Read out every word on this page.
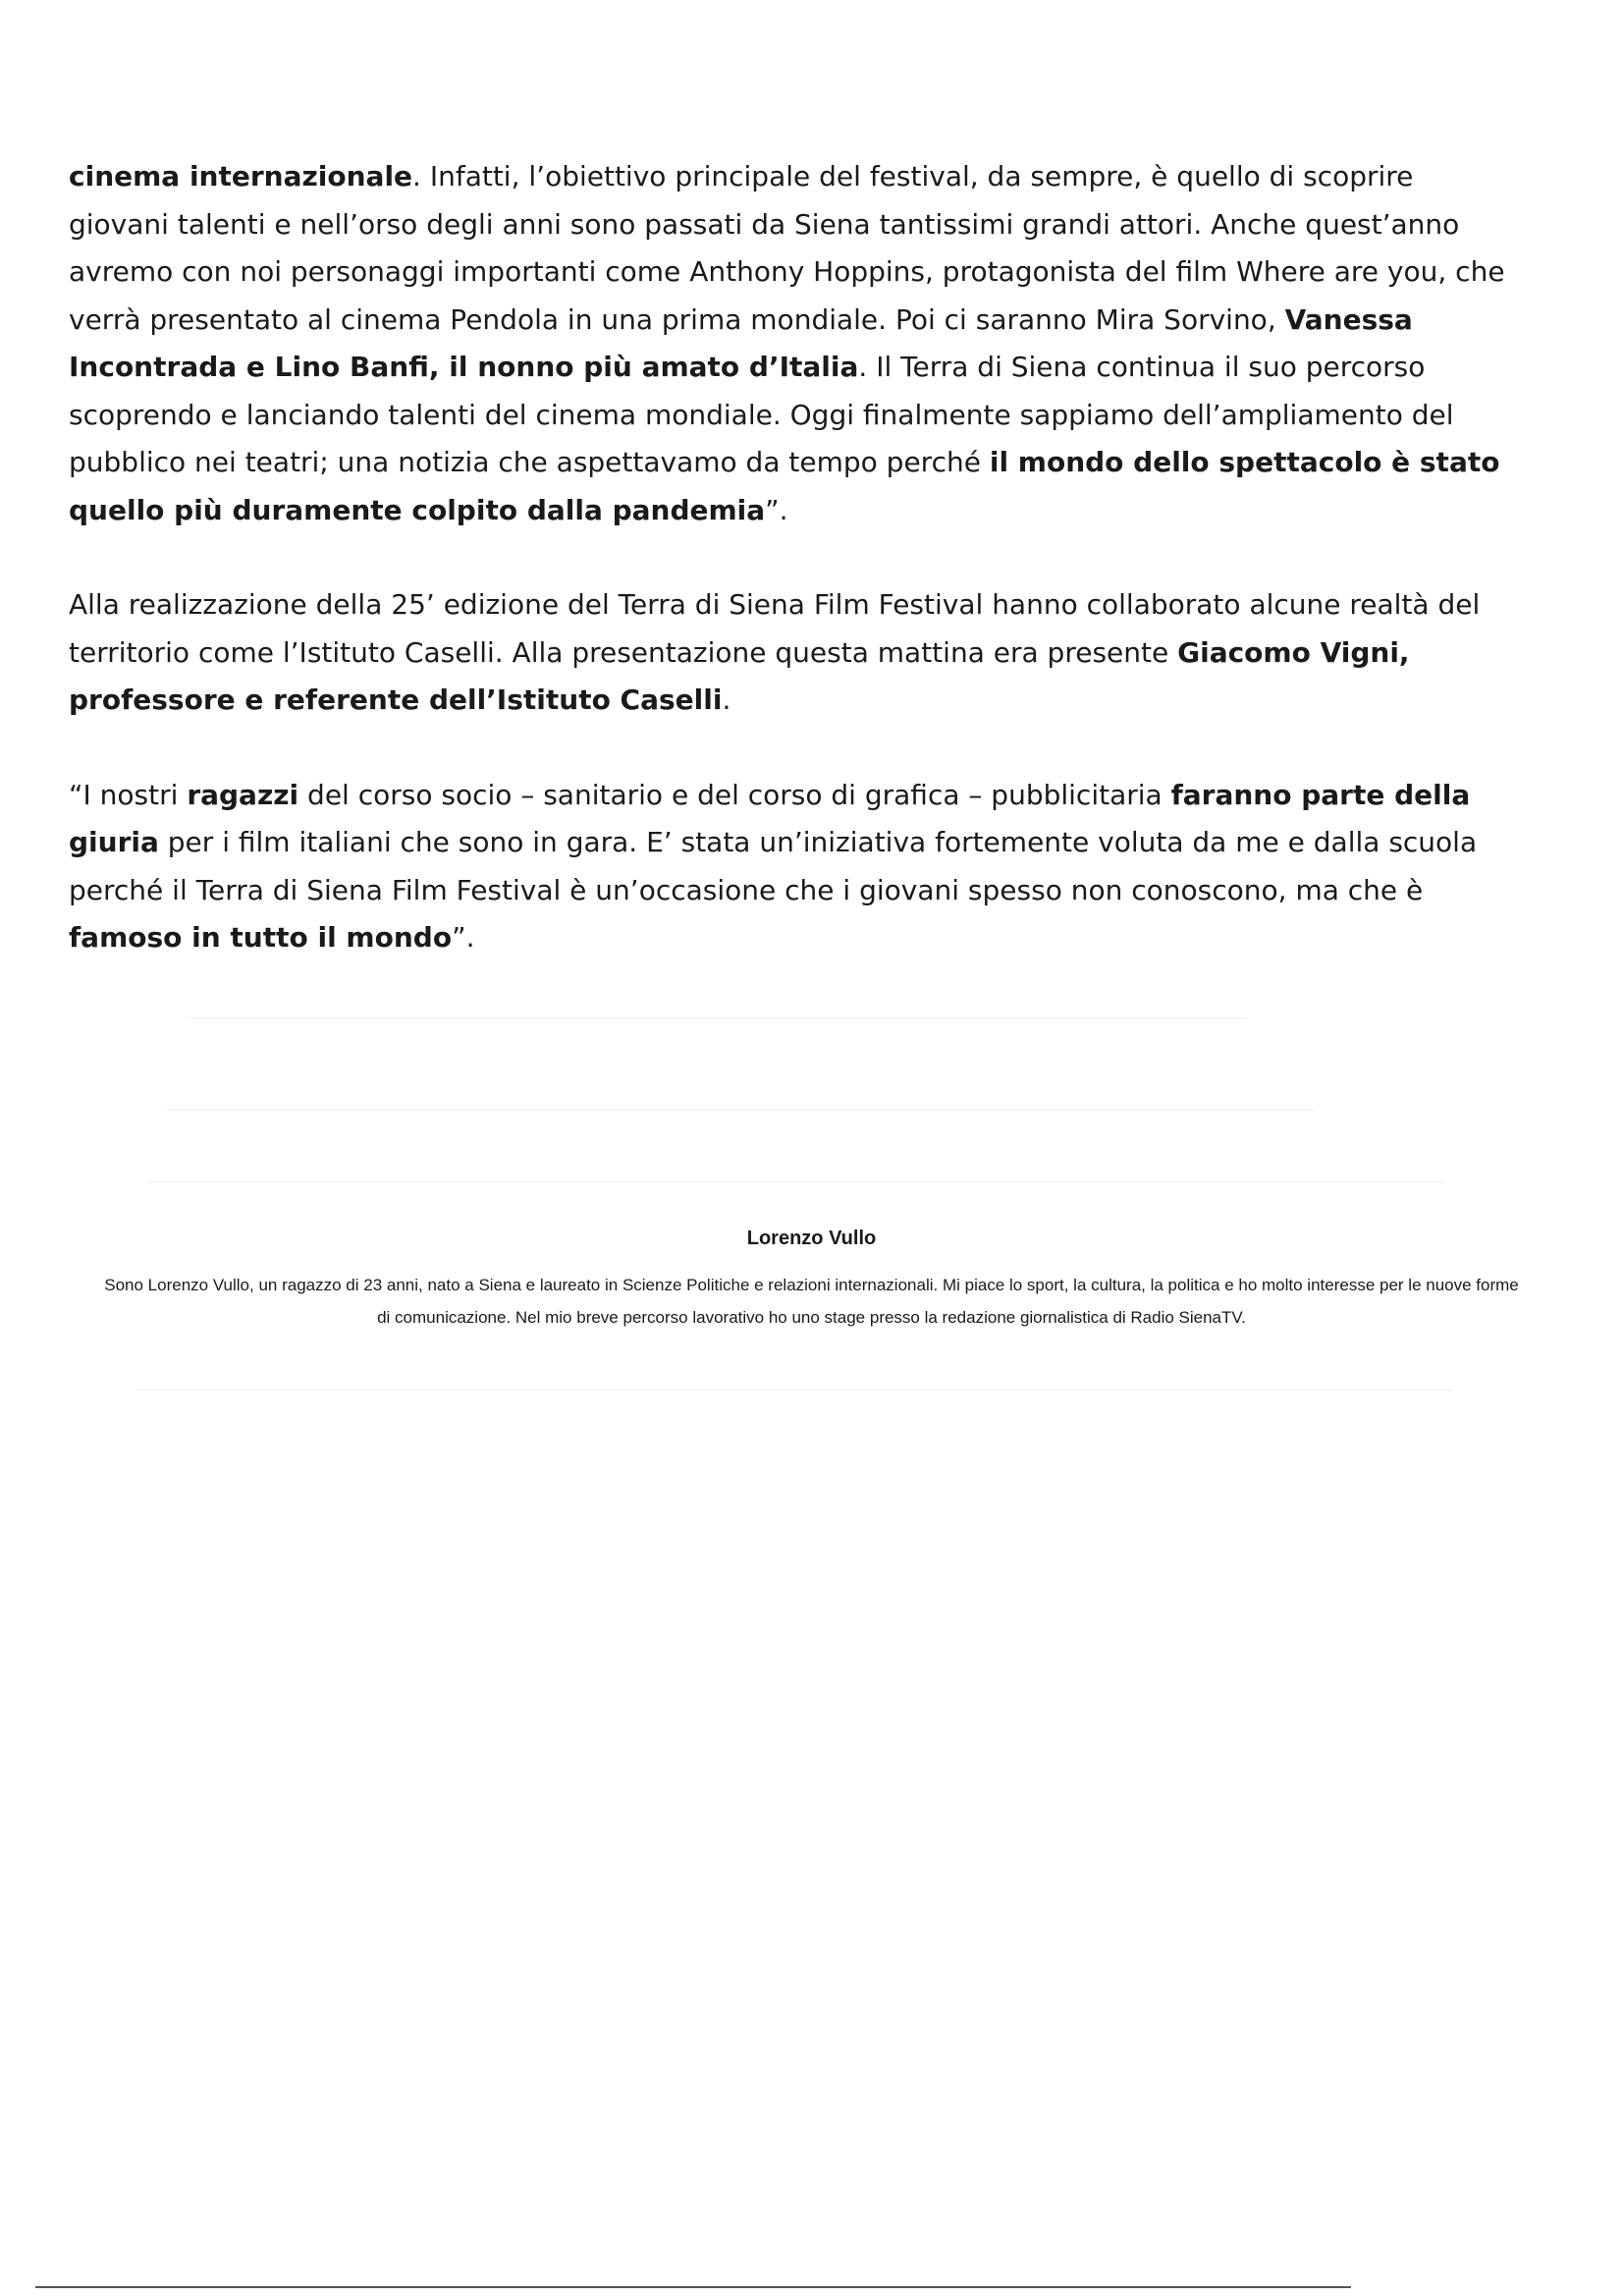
cinema internazionale. Infatti, l’obiettivo principale del festival, da sempre, è quello di scoprire giovani talenti e nell’orso degli anni sono passati da Siena tantissimi grandi attori. Anche quest’anno avremo con noi personaggi importanti come Anthony Hoppins, protagonista del film Where are you, che verrà presentato al cinema Pendola in una prima mondiale. Poi ci saranno Mira Sorvino, Vanessa Incontrada e Lino Banfi, il nonno più amato d’Italia. Il Terra di Siena continua il suo percorso scoprendo e lanciando talenti del cinema mondiale. Oggi finalmente sappiamo dell’ampliamento del pubblico nei teatri; una notizia che aspettavamo da tempo perché il mondo dello spettacolo è stato quello più duramente colpito dalla pandemia”.

Alla realizzazione della 25’ edizione del Terra di Siena Film Festival hanno collaborato alcune realtà del territorio come l’Istituto Caselli. Alla presentazione questa mattina era presente Giacomo Vigni, professore e referente dell’Istituto Caselli.

“I nostri ragazzi del corso socio – sanitario e del corso di grafica – pubblicitaria faranno parte della giuria per i film italiani che sono in gara. E’ stata un’iniziativa fortemente voluta da me e dalla scuola perché il Terra di Siena Film Festival è un’occasione che i giovani spesso non conoscono, ma che è famoso in tutto il mondo”.

Lorenzo Vullo

Sono Lorenzo Vullo, un ragazzo di 23 anni, nato a Siena e laureato in Scienze Politiche e relazioni internazionali. Mi piace lo sport, la cultura, la politica e ho molto interesse per le nuove forme di comunicazione. Nel mio breve percorso lavorativo ho uno stage presso la redazione giornalistica di Radio SienaTV.
